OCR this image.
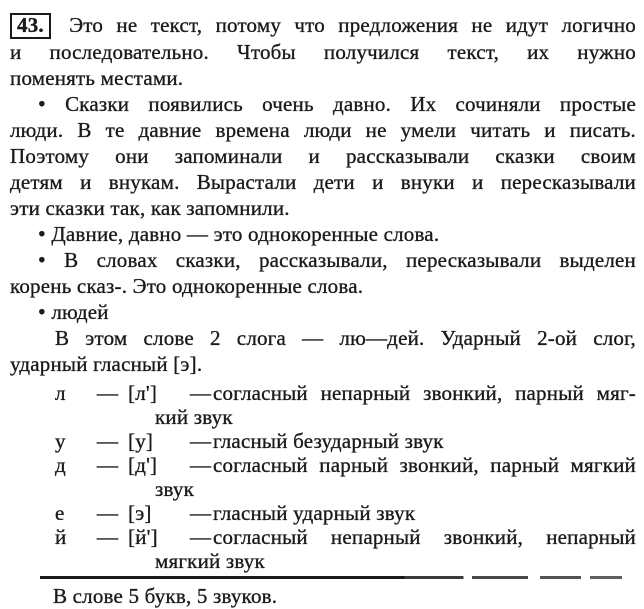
43. Это не текст, потому что предложения не идут логично
и последовательно. Чтобы получился текст, их нужно
поменять местами.
• Сказки появились очень давно. Их сочиняли простые
люди. В те давние времена люди не умели читать и писать.
Поэтому они запоминали и рассказывали сказки своим
детям и внукам. Вырастали дети и внуки и пересказывали
эти сказки так, как запомнили.
• Давние, давно — это однокоренные слова.
• В словах сказки, рассказывали, пересказывали выделен
корень сказ-. Это однокоренные слова.
• людей
В этом слове 2 слога — лю—дей. Ударный 2-ой слог,
ударный гласный [э].
л	— [л']	— согласный непарный звонкий, парный мяг-
кий звук
у	— [у]	— гласный безударный звук
д	— [д']	— согласный парный звонкий, парный мягкий
звук
е	— [э]	— гласный ударный звук
й	— [й']	— согласный непарный звонкий, непарный
мягкий звук
В слове 5 букв, 5 звуков.
